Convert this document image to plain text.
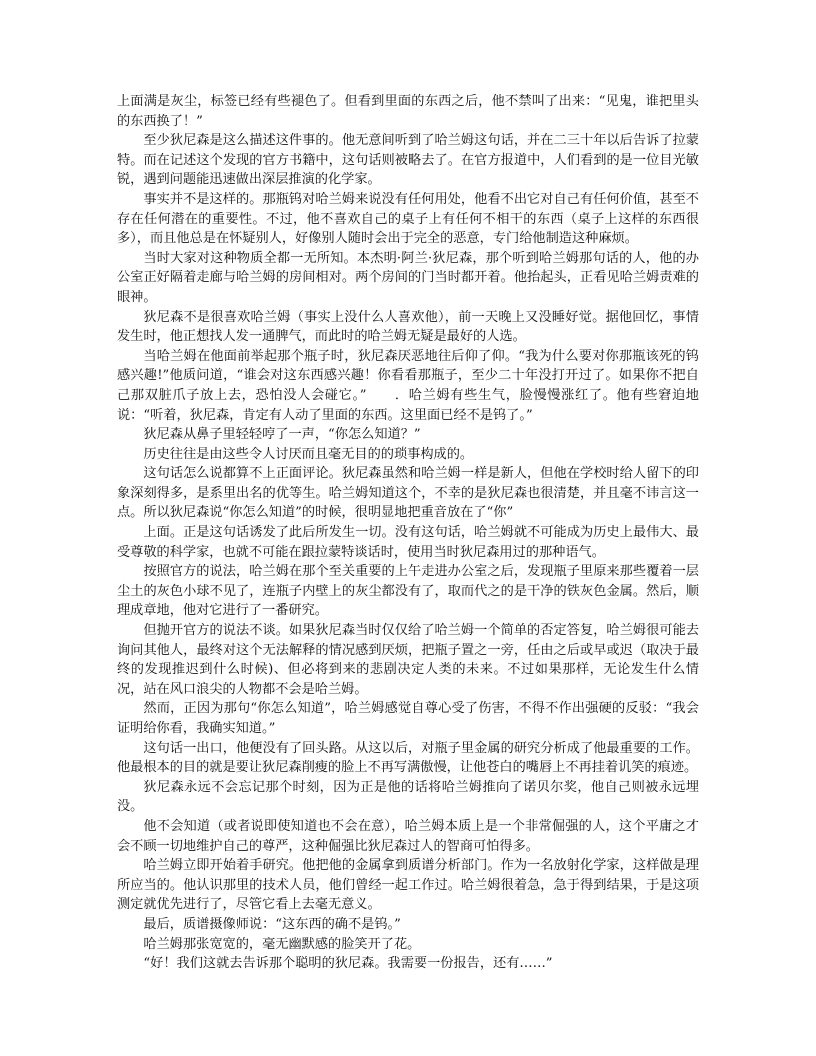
上面满是灰尘，标签已经有些褪色了。但看到里面的东西之后，他不禁叫了出来：“见鬼，谁把里头的东西换了！”

至少狄尼森是这么描述这件事的。他无意间听到了哈兰姆这句话，并在二三十年以后告诉了拉蒙特。而在记述这个发现的官方书籍中，这句话则被略去了。在官方报道中，人们看到的是一位目光敏锐，遇到问题能迅速做出深层推演的化学家。

事实并不是这样的。那瓶钨对哈兰姆来说没有任何用处，他看不出它对自己有任何价值，甚至不存在任何潜在的重要性。不过，他不喜欢自己的桌子上有任何不相干的东西（桌子上这样的东西很多），而且他总是在怀疑别人，好像别人随时会出于完全的恶意，专门给他制造这种麻烦。

当时大家对这种物质全都一无所知。本杰明·阿兰·狄尼森，那个听到哈兰姆那句话的人，他的办公室正好隔着走廊与哈兰姆的房间相对。两个房间的门当时都开着。他抬起头，正看见哈兰姆责难的眼神。

狄尼森不是很喜欢哈兰姆（事实上没什么人喜欢他），前一天晚上又没睡好觉。据他回忆，事情发生时，他正想找人发一通脾气，而此时的哈兰姆无疑是最好的人选。

当哈兰姆在他面前举起那个瓶子时，狄尼森厌恶地往后仰了仰。“我为什么要对你那瓶该死的钨感兴趣!”他质问道，“谁会对这东西感兴趣！你看看那瓶子，至少二十年没打开过了。如果你不把自己那双脏爪子放上去，恐怕没人会碰它。”　　．哈兰姆有些生气，脸慢慢涨红了。他有些窘迫地说：“听着，狄尼森，肯定有人动了里面的东西。这里面已经不是钨了。”

狄尼森从鼻子里轻轻哼了一声，“你怎么知道？”

历史往往是由这些令人讨厌而且毫无目的的琐事构成的。

这句话怎么说都算不上正面评论。狄尼森虽然和哈兰姆一样是新人，但他在学校时给人留下的印象深刻得多，是系里出名的优等生。哈兰姆知道这个，不幸的是狄尼森也很清楚，并且毫不讳言这一点。所以狄尼森说“你怎么知道”的时候，很明显地把重音放在了“你”

上面。正是这句话诱发了此后所发生一切。没有这句话，哈兰姆就不可能成为历史上最伟大、最受尊敬的科学家，也就不可能在跟拉蒙特谈话时，使用当时狄尼森用过的那种语气。

按照官方的说法，哈兰姆在那个至关重要的上午走进办公室之后，发现瓶子里原来那些覆着一层尘土的灰色小球不见了，连瓶子内壁上的灰尘都没有了，取而代之的是干净的铁灰色金属。然后，顺理成章地，他对它进行了一番研究。

但抛开官方的说法不谈。如果狄尼森当时仅仅给了哈兰姆一个简单的否定答复，哈兰姆很可能去询问其他人，最终对这个无法解释的情况感到厌烦，把瓶子置之一旁，任由之后或早或迟（取决于最终的发现推迟到什么时候)、但必将到来的悲剧决定人类的未来。不过如果那样，无论发生什么情况，站在风口浪尖的人物都不会是哈兰姆。

然而，正因为那句“你怎么知道”，哈兰姆感觉自尊心受了伤害，不得不作出强硬的反驳：“我会证明给你看，我确实知道。”

这句话一出口，他便没有了回头路。从这以后，对瓶子里金属的研究分析成了他最重要的工作。他最根本的目的就是要让狄尼森削瘦的脸上不再写满傲慢，让他苍白的嘴唇上不再挂着讥笑的痕迹。

狄尼森永远不会忘记那个时刻，因为正是他的话将哈兰姆推向了诺贝尔奖，他自己则被永远埋没。

他不会知道（或者说即使知道也不会在意），哈兰姆本质上是一个非常倔强的人，这个平庸之才会不顾一切地维护自己的尊严，这种倔强比狄尼森过人的智商可怕得多。

哈兰姆立即开始着手研究。他把他的金属拿到质谱分析部门。作为一名放射化学家，这样做是理所应当的。他认识那里的技术人员，他们曾经一起工作过。哈兰姆很着急，急于得到结果，于是这项测定就优先进行了，尽管它看上去毫无意义。

最后，质谱摄像师说：“这东西的确不是钨。”

哈兰姆那张宽宽的，毫无幽默感的脸笑开了花。

“好！我们这就去告诉那个聪明的狄尼森。我需要一份报告，还有……”
